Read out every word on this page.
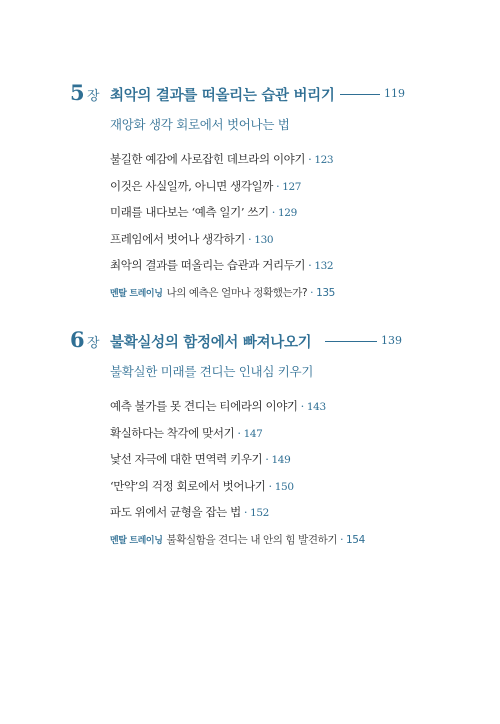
5 장 최악의 결과를 떠올리는 습관 버리기	119
재앙화 생각 회로에서 벗어나는 법
불길한 예감에 사로잡힌 데브라의 이야기 · 123
이것은 사실일까, 아니면 생각일까 · 127
미래를 내다보는 ‘예측 일기’ 쓰기 · 129
프레임에서 벗어나 생각하기 · 130
최악의 결과를 떠올리는 습관과 거리두기 · 132
멘탈 트레이닝 나의 예측은 얼마나 정확했는가? · 135
6 장 불확실성의 함정에서 빠져나오기	139
불확실한 미래를 견디는 인내심 키우기
예측 불가를 못 견디는 티에라의 이야기 · 143
확실하다는 착각에 맞서기 · 147
낯선 자극에 대한 면역력 키우기 · 149
‘만약’의 걱정 회로에서 벗어나기 · 150
파도 위에서 균형을 잡는 법 · 152
멘탈 트레이닝 불확실함을 견디는 내 안의 힘 발견하기 · 154
